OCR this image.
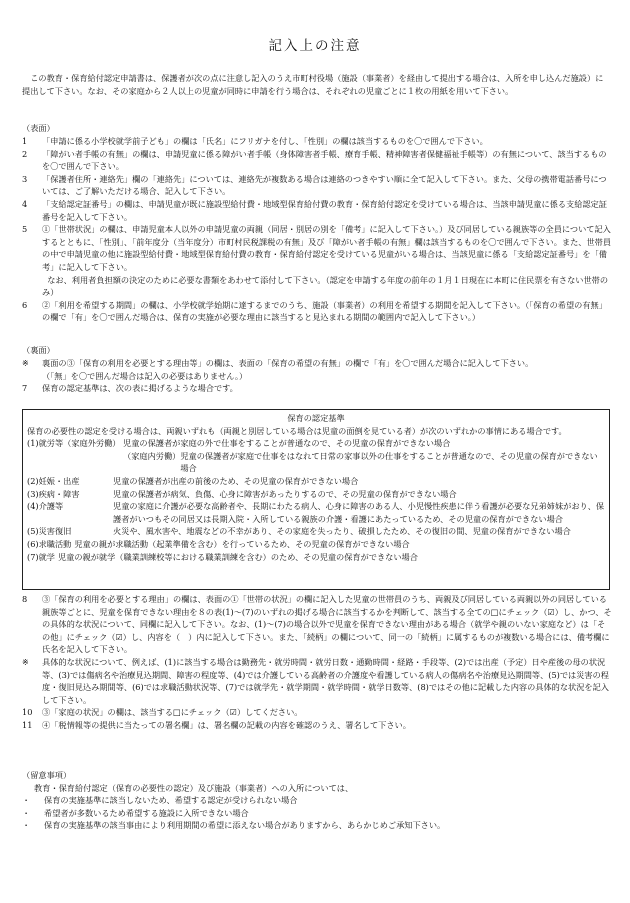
記入上の注意
この教育・保育給付認定申請書は、保護者が次の点に注意し記入のうえ市町村役場（施設（事業者）を経由して提出する場合は、入所を申し込んだ施設）に提出して下さい。なお、その家庭から２人以上の児童が同時に申請を行う場合は、それぞれの児童ごとに１枚の用紙を用いて下さい。
（表面）
1	「申請に係る小学校就学前子ども」の欄は「氏名」にフリガナを付し、「性別」の欄は該当するものを〇で囲んで下さい。
2	「障がい者手帳の有無」の欄は、申請児童に係る障がい者手帳（身体障害者手帳、療育手帳、精神障害者保健福祉手帳等）の有無について、該当するものを〇で囲んで下さい。
3	「保護者住所・連絡先」欄の「連絡先」については、連絡先が複数ある場合は連絡のつきやすい順に全て記入して下さい。また、父母の携帯電話番号については、ご了解いただける場合、記入して下さい。
4	「支給認定証番号」の欄は、申請児童が既に施設型給付費・地域型保育給付費の教育・保育給付認定を受けている場合は、当該申請児童に係る支給認定証番号を記入して下さい。
5	①「世帯状況」の欄は、申請児童本人以外の申請児童の両親（同居・別居の別を「備考」に記入して下さい。）及び同居している親族等の全員について記入するとともに、「性別」、「前年度分（当年度分）市町村民税課税の有無」及び「障がい者手帳の有無」欄は該当するものを〇で囲んで下さい。また、世帯員の中で申請児童の他に施設型給付費・地域型保育給付費の教育・保育給付認定を受けている児童がいる場合は、当該児童に係る「支給認定証番号」を「備考」に記入して下さい。
なお、利用者負担額の決定のために必要な書類をあわせて添付して下さい。（認定を申請する年度の前年の１月１日現在に本町に住民票を有さない世帯のみ）
6	②「利用を希望する期間」の欄は、小学校就学始期に達するまでのうち、施設（事業者）の利用を希望する期間を記入して下さい。（「保育の希望の有無」の欄で「有」を〇で囲んだ場合は、保育の実施が必要な理由に該当すると見込まれる期間の範囲内で記入して下さい。）
（裏面）
※	裏面の③「保育の利用を必要とする理由等」の欄は、表面の「保育の希望の有無」の欄で「有」を〇で囲んだ場合に記入して下さい。
（「無」を〇で囲んだ場合は記入の必要はありません。）
7	保育の認定基準は、次の表に掲げるような場合です。
保育の認定基準
保育の必要性の認定を受ける場合は、両親いずれも（両親と別居している場合は児童の面倒を見ている者）が次のいずれかの事情にある場合です。
(1)就労等（家庭外労働） 児童の保護者が家庭の外で仕事をすることが普通なので、その児童の保育ができない場合
（家庭内労働） 児童の保護者が家庭で仕事をはなれて日常の家事以外の仕事をすることが普通なので、その児童の保育ができない場合
(2)妊娠・出産	児童の保護者が出産の前後のため、その児童の保育ができない場合
(3)疾病・障害	児童の保護者が病気、負傷、心身に障害があったりするので、その児童の保育ができない場合
(4)介護等	児童の家庭に介護が必要な高齢者や、長期にわたる病人、心身に障害のある人、小児慢性疾患に伴う看護が必要な兄弟姉妹がおり、保護者がいつもその同居又は長期入院・入所している親族の介護・看護にあたっているため、その児童の保育ができない場合
(5)災害復旧	火災や、風水害や、地震などの不幸があり、その家庭を失ったり、破損したため、その復旧の間、児童の保育ができない場合
(6)求職活動 児童の親が求職活動（起業準備を含む）を行っているため、その児童の保育ができない場合
(7)就学 児童の親が就学（職業訓練校等における職業訓練を含む）のため、その児童の保育ができない場合
8	③「保育の利用を必要とする理由」の欄は、表面の①「世帯の状況」の欄に記入した児童の世帯員のうち、両親及び同居している両親以外の同居している親族等ごとに、児童を保育できない理由を８の表(1)〜(7)のいずれの掲げる場合に該当するかを判断して、該当する全ての□にチェック（☑）し、かつ、その具体的な状況について、同欄に記入して下さい。なお、(1)〜(7)の場合以外で児童を保育できない理由がある場合（就学や親のいない家庭など）は「その他」にチェック（☑）し、内容を（　）内に記入して下さい。また、「続柄」の欄について、同一の「続柄」に属するものが複数いる場合には、備考欄に氏名を記入して下さい。
※	具体的な状況について、例えば、(1)に該当する場合は勤務先・就労時間・就労日数・通勤時間・経路・手段等、(2)では出産（予定）日や産後の母の状況等、(3)では傷病名や治療見込期間、障害の程度等、(4)では介護している高齢者の介護度や看護している病人の傷病名や治療見込期間等、(5)では災害の程度・復旧見込み期間等、(6)では求職活動状況等、(7)では就学先・就学期間・就学時間・就学日数等、(8)ではその他に記載した内容の具体的な状況を記入して下さい。
10	③「家庭の状況」の欄は、該当する□にチェック（☑）してください。
11	④「税情報等の提供に当たっての署名欄」は、署名欄の記載の内容を確認のうえ、署名して下さい。
（留意事項）
教育・保育給付認定（保育の必要性の認定）及び施設（事業者）への入所については、
・	保育の実施基準に該当しないため、希望する認定が受けられない場合
・	希望者が多数いるため希望する施設に入所できない場合
・	保育の実施基準の該当事由により利用期間の希望に添えない場合がありますから、あらかじめご承知下さい。
